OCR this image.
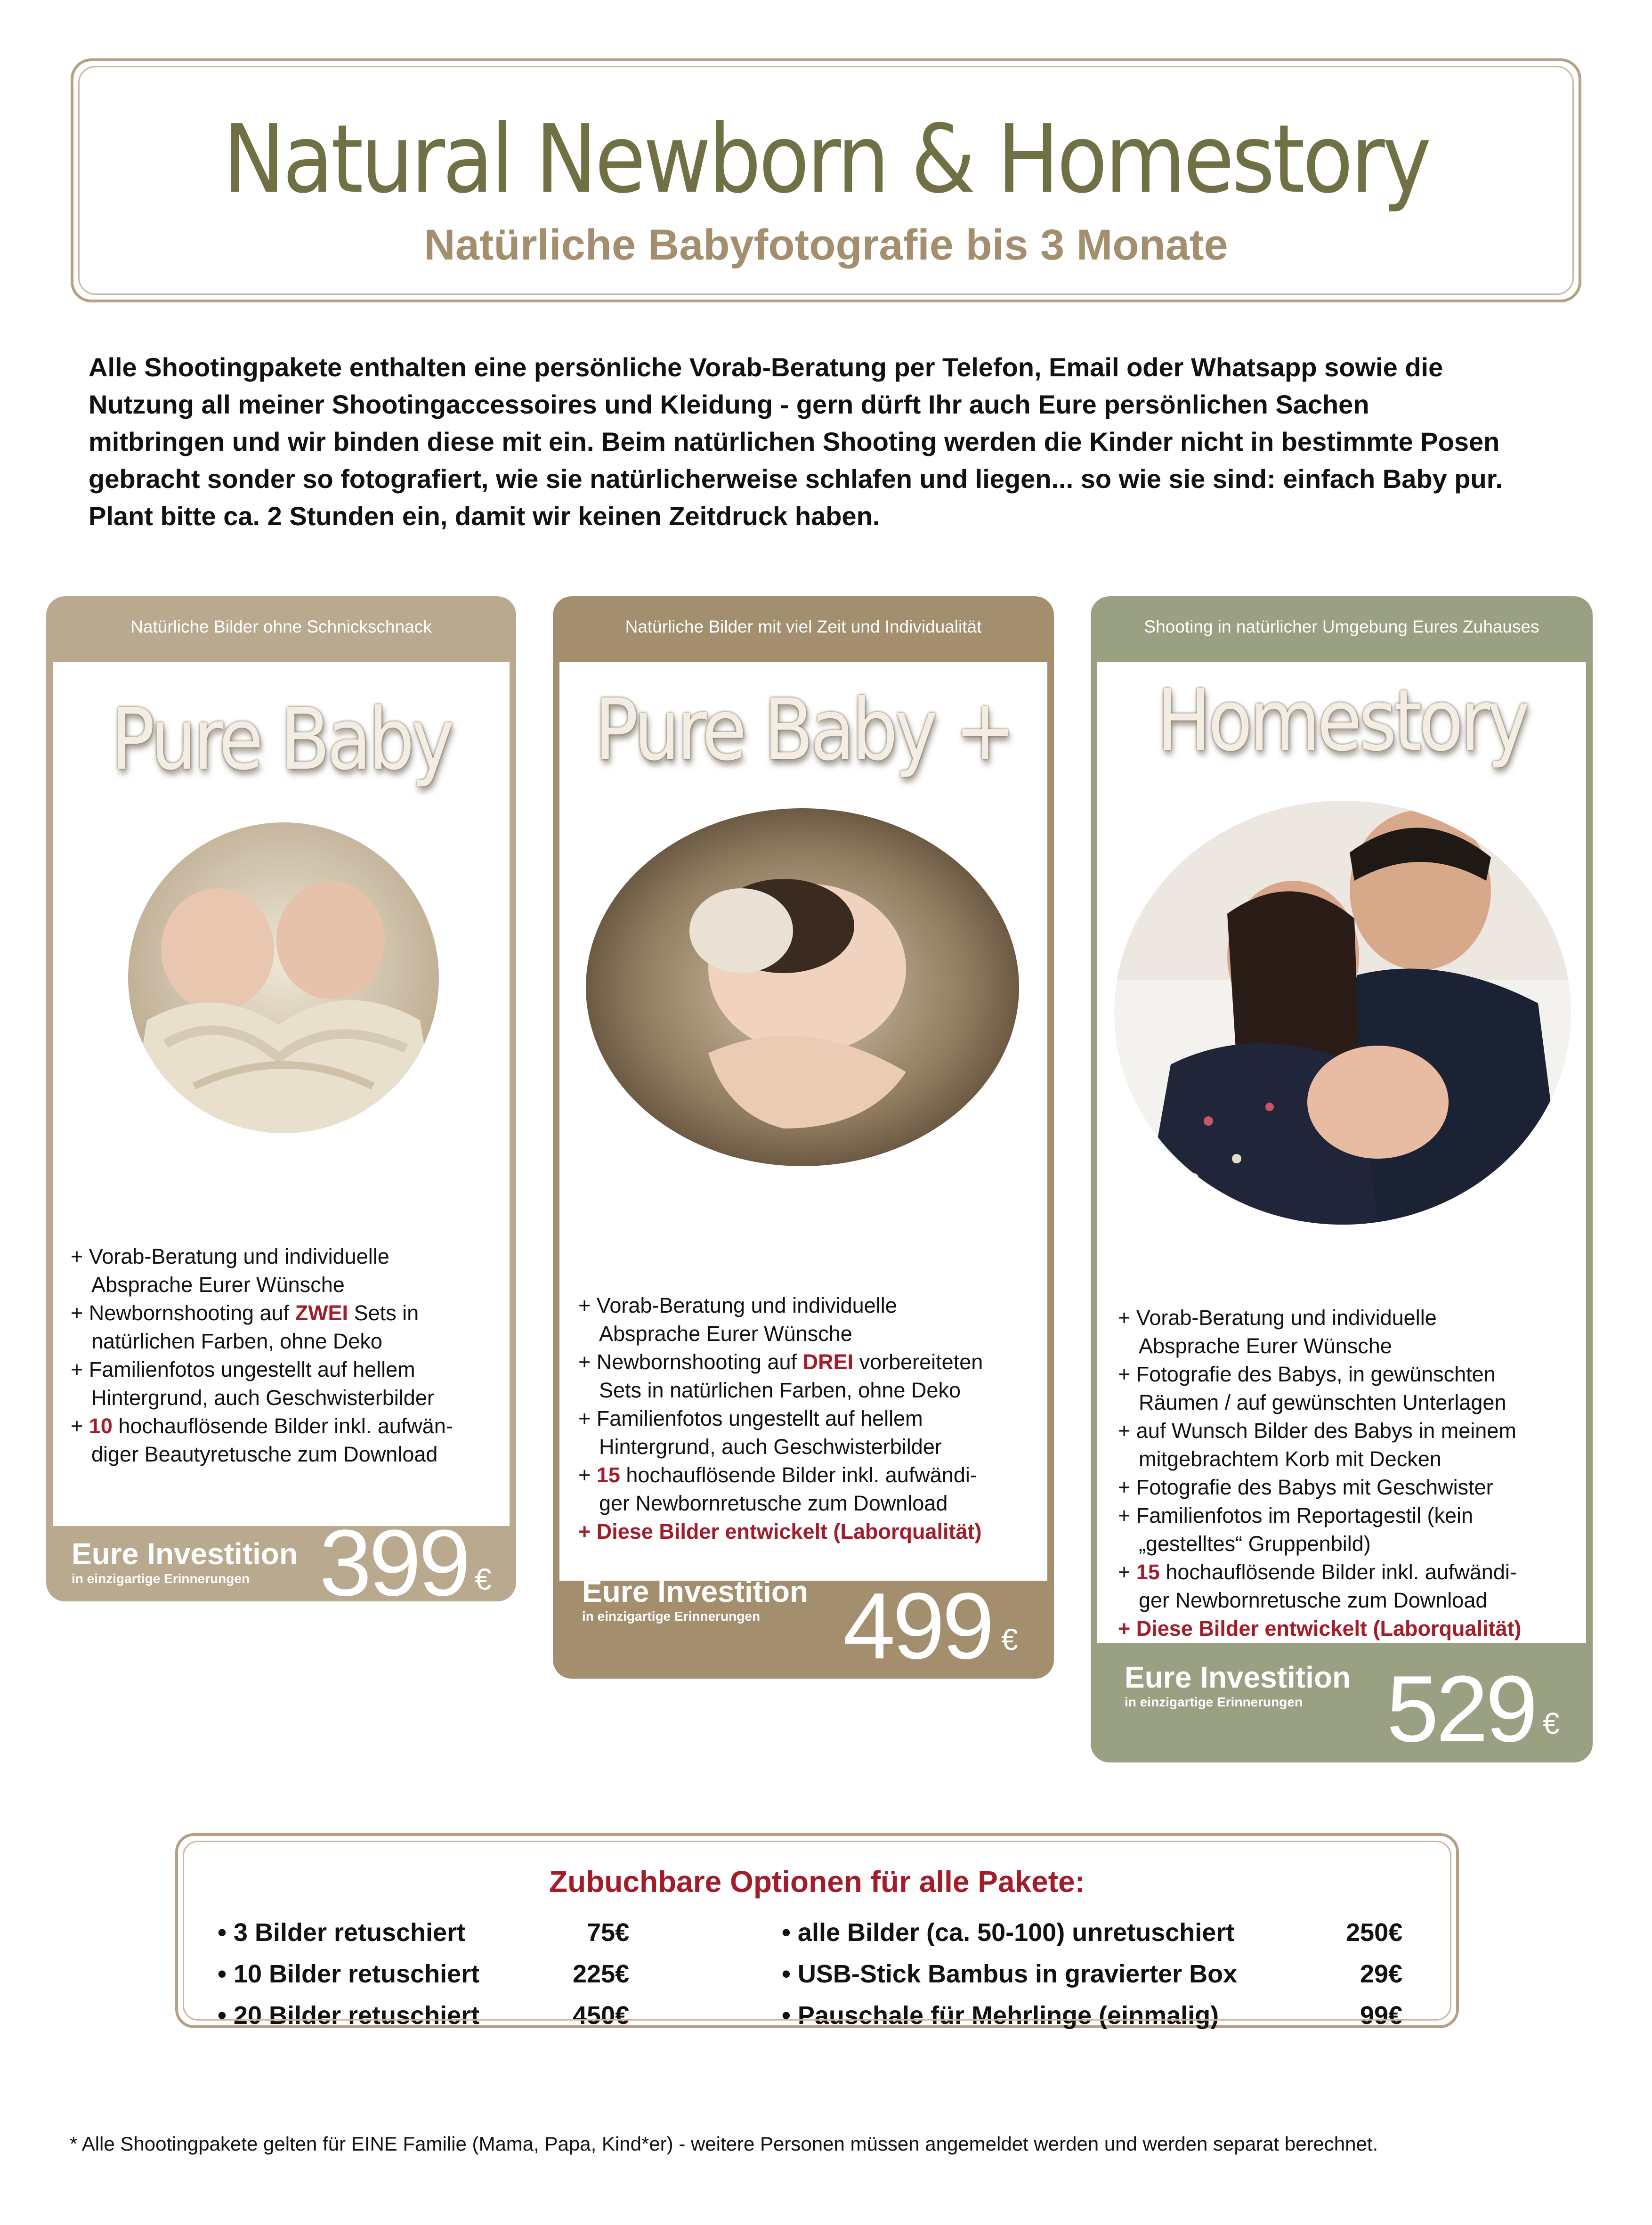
Natural Newborn & Homestory
Natürliche Babyfotografie bis 3 Monate
Alle Shootingpakete enthalten eine persönliche Vorab-Beratung per Telefon, Email oder Whatsapp sowie die
Nutzung all meiner Shootingaccessoires und Kleidung - gern dürft Ihr auch Eure persönlichen Sachen
mitbringen und wir binden diese mit ein. Beim natürlichen Shooting werden die Kinder nicht in bestimmte Posen
gebracht sonder so fotografiert, wie sie natürlicherweise schlafen und liegen... so wie sie sind: einfach Baby pur.
Plant bitte ca. 2 Stunden ein, damit wir keinen Zeitdruck haben.
Natürliche Bilder ohne Schnickschnack
Pure Baby
+ Vorab-Beratung und individuelle
Absprache Eurer Wünsche
+ Newbornshooting auf ZWEI Sets in
natürlichen Farben, ohne Deko
+ Familienfotos ungestellt auf hellem
Hintergrund, auch Geschwisterbilder
+ 10 hochauflösende Bilder inkl. aufwän-
diger Beautyretusche zum Download
Eure Investition
in einzigartige Erinnerungen 399 €
Natürliche Bilder mit viel Zeit und Individualität
Pure Baby +
+ Vorab-Beratung und individuelle
Absprache Eurer Wünsche
+ Newbornshooting auf DREI vorbereiteten
Sets in natürlichen Farben, ohne Deko
+ Familienfotos ungestellt auf hellem
Hintergrund, auch Geschwisterbilder
+ 15 hochauflösende Bilder inkl. aufwändi-
ger Newbornretusche zum Download
+ Diese Bilder entwickelt (Laborqualität)
Eure Investition
in einzigartige Erinnerungen 499 €
Shooting in natürlicher Umgebung Eures Zuhauses
Homestory
+ Vorab-Beratung und individuelle
Absprache Eurer Wünsche
+ Fotografie des Babys, in gewünschten
Räumen / auf gewünschten Unterlagen
+ auf Wunsch Bilder des Babys in meinem
mitgebrachtem Korb mit Decken
+ Fotografie des Babys mit Geschwister
+ Familienfotos im Reportagestil (kein
„gestelltes“ Gruppenbild)
+ 15 hochauflösende Bilder inkl. aufwändi-
ger Newbornretusche zum Download
+ Diese Bilder entwickelt (Laborqualität)
Eure Investition
in einzigartige Erinnerungen 529 €
Zubuchbare Optionen für alle Pakete:
• 3 Bilder retuschiert	75€
• 10 Bilder retuschiert	225€
• 20 Bilder retuschiert	450€
• alle Bilder (ca. 50-100) unretuschiert	250€
• USB-Stick Bambus in gravierter Box	29€
• Pauschale für Mehrlinge (einmalig)	99€
* Alle Shootingpakete gelten für EINE Familie (Mama, Papa, Kind*er) - weitere Personen müssen angemeldet werden und werden separat berechnet.
